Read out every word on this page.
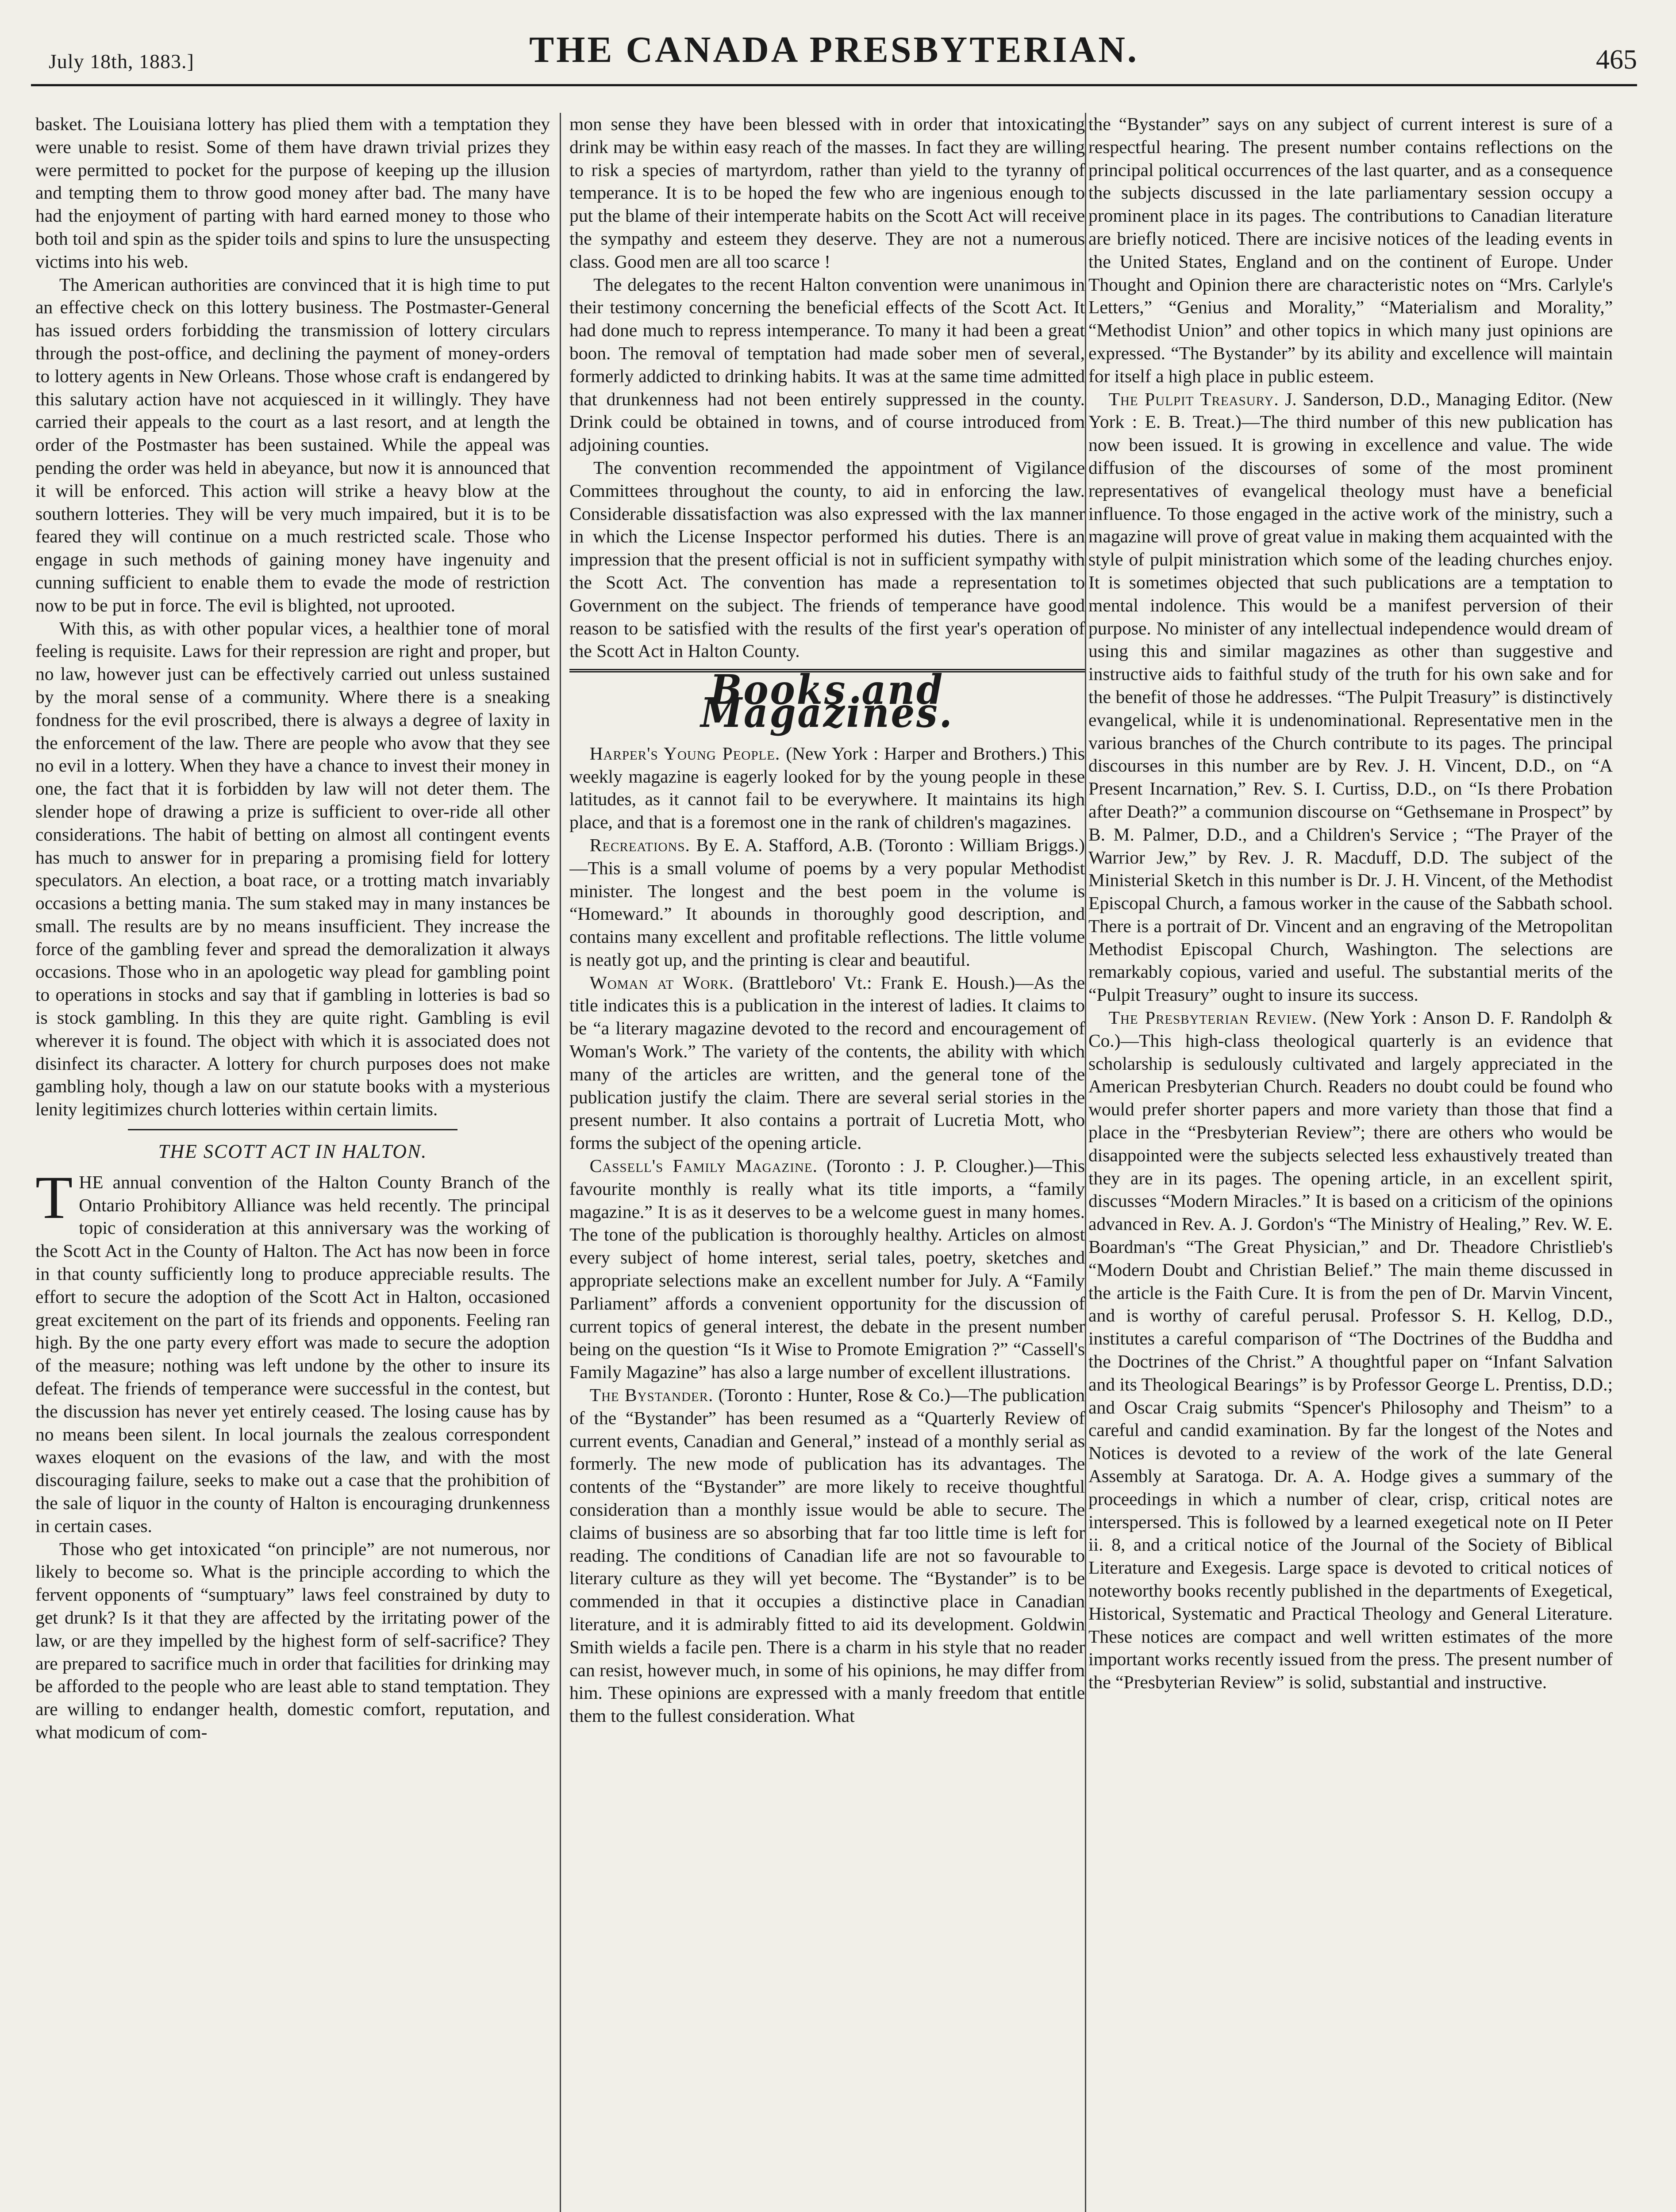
July 18th, 1883.]	THE CANADA PRESBYTERIAN.	465

basket. The Louisiana lottery has plied them with a temptation they were unable to resist. Some of them have drawn trivial prizes they were permitted to pocket for the purpose of keeping up the illusion and tempting them to throw good money after bad. The many have had the enjoyment of parting with hard earned money to those who both toil and spin as the spider toils and spins to lure the unsuspecting victims into his web.

The American authorities are convinced that it is high time to put an effective check on this lottery business. The Postmaster-General has issued orders forbidding the transmission of lottery circulars through the post-office, and declining the payment of money-orders to lottery agents in New Orleans. Those whose craft is endangered by this salutary action have not acquiesced in it willingly. They have carried their appeals to the court as a last resort, and at length the order of the Postmaster has been sustained. While the appeal was pending the order was held in abeyance, but now it is announced that it will be enforced. This action will strike a heavy blow at the southern lotteries. They will be very much impaired, but it is to be feared they will continue on a much restricted scale. Those who engage in such methods of gaining money have ingenuity and cunning sufficient to enable them to evade the mode of restriction now to be put in force. The evil is blighted, not uprooted.

With this, as with other popular vices, a healthier tone of moral feeling is requisite. Laws for their repression are right and proper, but no law, however just can be effectively carried out unless sustained by the moral sense of a community. Where there is a sneaking fondness for the evil proscribed, there is always a degree of laxity in the enforcement of the law. There are people who avow that they see no evil in a lottery. When they have a chance to invest their money in one, the fact that it is forbidden by law will not deter them. The slender hope of drawing a prize is sufficient to over-ride all other considerations. The habit of betting on almost all contingent events has much to answer for in preparing a promising field for lottery speculators. An election, a boat race, or a trotting match invariably occasions a betting mania. The sum staked may in many instances be small. The results are by no means insufficient. They increase the force of the gambling fever and spread the demoralization it always occasions. Those who in an apologetic way plead for gambling point to operations in stocks and say that if gambling in lotteries is bad so is stock gambling. In this they are quite right. Gambling is evil wherever it is found. The object with which it is associated does not disinfect its character. A lottery for church purposes does not make gambling holy, though a law on our statute books with a mysterious lenity legitimizes church lotteries within certain limits.

THE SCOTT ACT IN HALTON.

THE annual convention of the Halton County Branch of the Ontario Prohibitory Alliance was held recently. The principal topic of consideration at this anniversary was the working of the Scott Act in the County of Halton. The Act has now been in force in that county sufficiently long to produce appreciable results. The effort to secure the adoption of the Scott Act in Halton, occasioned great excitement on the part of its friends and opponents. Feeling ran high. By the one party every effort was made to secure the adoption of the measure; nothing was left undone by the other to insure its defeat. The friends of temperance were successful in the contest, but the discussion has never yet entirely ceased. The losing cause has by no means been silent. In local journals the zealous correspondent waxes eloquent on the evasions of the law, and with the most discouraging failure, seeks to make out a case that the prohibition of the sale of liquor in the county of Halton is encouraging drunkenness in certain cases.

Those who get intoxicated “on principle” are not numerous, nor likely to become so. What is the principle according to which the fervent opponents of “sumptuary” laws feel constrained by duty to get drunk? Is it that they are affected by the irritating power of the law, or are they impelled by the highest form of self-sacrifice? They are prepared to sacrifice much in order that facilities for drinking may be afforded to the people who are least able to stand temptation. They are willing to endanger health, domestic comfort, reputation, and what modicum of com-

mon sense they have been blessed with in order that intoxicating drink may be within easy reach of the masses. In fact they are willing to risk a species of martyrdom, rather than yield to the tyranny of temperance. It is to be hoped the few who are ingenious enough to put the blame of their intemperate habits on the Scott Act will receive the sympathy and esteem they deserve. They are not a numerous class. Good men are all too scarce !

The delegates to the recent Halton convention were unanimous in their testimony concerning the beneficial effects of the Scott Act. It had done much to repress intemperance. To many it had been a great boon. The removal of temptation had made sober men of several, formerly addicted to drinking habits. It was at the same time admitted that drunkenness had not been entirely suppressed in the county. Drink could be obtained in towns, and of course introduced from adjoining counties.

The convention recommended the appointment of Vigilance Committees throughout the county, to aid in enforcing the law. Considerable dissatisfaction was also expressed with the lax manner in which the License Inspector performed his duties. There is an impression that the present official is not in sufficient sympathy with the Scott Act. The convention has made a representation to Government on the subject. The friends of temperance have good reason to be satisfied with the results of the first year's operation of the Scott Act in Halton County.

Books and Magazines.

Harper's Young People. (New York : Harper and Brothers.) This weekly magazine is eagerly looked for by the young people in these latitudes, as it cannot fail to be everywhere. It maintains its high place, and that is a foremost one in the rank of children's magazines.

Recreations. By E. A. Stafford, A.B. (Toronto : William Briggs.)—This is a small volume of poems by a very popular Methodist minister. The longest and the best poem in the volume is “Homeward.” It abounds in thoroughly good description, and contains many excellent and profitable reflections. The little volume is neatly got up, and the printing is clear and beautiful.

Woman at Work. (Brattleboro' Vt.: Frank E. Housh.)—As the title indicates this is a publication in the interest of ladies. It claims to be “a literary magazine devoted to the record and encouragement of Woman's Work.” The variety of the contents, the ability with which many of the articles are written, and the general tone of the publication justify the claim. There are several serial stories in the present number. It also contains a portrait of Lucretia Mott, who forms the subject of the opening article.

Cassell's Family Magazine. (Toronto : J. P. Clougher.)—This favourite monthly is really what its title imports, a “family magazine.” It is as it deserves to be a welcome guest in many homes. The tone of the publication is thoroughly healthy. Articles on almost every subject of home interest, serial tales, poetry, sketches and appropriate selections make an excellent number for July. A “Family Parliament” affords a convenient opportunity for the discussion of current topics of general interest, the debate in the present number being on the question “Is it Wise to Promote Emigration ?” “Cassell's Family Magazine” has also a large number of excellent illustrations.

The Bystander. (Toronto : Hunter, Rose & Co.)—The publication of the “Bystander” has been resumed as a “Quarterly Review of current events, Canadian and General,” instead of a monthly serial as formerly. The new mode of publication has its advantages. The contents of the “Bystander” are more likely to receive thoughtful consideration than a monthly issue would be able to secure. The claims of business are so absorbing that far too little time is left for reading. The conditions of Canadian life are not so favourable to literary culture as they will yet become. The “Bystander” is to be commended in that it occupies a distinctive place in Canadian literature, and it is admirably fitted to aid its development. Goldwin Smith wields a facile pen. There is a charm in his style that no reader can resist, however much, in some of his opinions, he may differ from him. These opinions are expressed with a manly freedom that entitle them to the fullest consideration. What

the “Bystander” says on any subject of current interest is sure of a respectful hearing. The present number contains reflections on the principal political occurrences of the last quarter, and as a consequence the subjects discussed in the late parliamentary session occupy a prominent place in its pages. The contributions to Canadian literature are briefly noticed. There are incisive notices of the leading events in the United States, England and on the continent of Europe. Under Thought and Opinion there are characteristic notes on “Mrs. Carlyle's Letters,” “Genius and Morality,” “Materialism and Morality,” “Methodist Union” and other topics in which many just opinions are expressed. “The Bystander” by its ability and excellence will maintain for itself a high place in public esteem.

The Pulpit Treasury. J. Sanderson, D.D., Managing Editor. (New York : E. B. Treat.)—The third number of this new publication has now been issued. It is growing in excellence and value. The wide diffusion of the discourses of some of the most prominent representatives of evangelical theology must have a beneficial influence. To those engaged in the active work of the ministry, such a magazine will prove of great value in making them acquainted with the style of pulpit ministration which some of the leading churches enjoy. It is sometimes objected that such publications are a temptation to mental indolence. This would be a manifest perversion of their purpose. No minister of any intellectual independence would dream of using this and similar magazines as other than suggestive and instructive aids to faithful study of the truth for his own sake and for the benefit of those he addresses. “The Pulpit Treasury” is distinctively evangelical, while it is undenominational. Representative men in the various branches of the Church contribute to its pages. The principal discourses in this number are by Rev. J. H. Vincent, D.D., on “A Present Incarnation,” Rev. S. I. Curtiss, D.D., on “Is there Probation after Death?” a communion discourse on “Gethsemane in Prospect” by B. M. Palmer, D.D., and a Children's Service ; “The Prayer of the Warrior Jew,” by Rev. J. R. Macduff, D.D. The subject of the Ministerial Sketch in this number is Dr. J. H. Vincent, of the Methodist Episcopal Church, a famous worker in the cause of the Sabbath school. There is a portrait of Dr. Vincent and an engraving of the Metropolitan Methodist Episcopal Church, Washington. The selections are remarkably copious, varied and useful. The substantial merits of the “Pulpit Treasury” ought to insure its success.

The Presbyterian Review. (New York : Anson D. F. Randolph & Co.)—This high-class theological quarterly is an evidence that scholarship is sedulously cultivated and largely appreciated in the American Presbyterian Church. Readers no doubt could be found who would prefer shorter papers and more variety than those that find a place in the “Presbyterian Review”; there are others who would be disappointed were the subjects selected less exhaustively treated than they are in its pages. The opening article, in an excellent spirit, discusses “Modern Miracles.” It is based on a criticism of the opinions advanced in Rev. A. J. Gordon's “The Ministry of Healing,” Rev. W. E. Boardman's “The Great Physician,” and Dr. Theadore Christlieb's “Modern Doubt and Christian Belief.” The main theme discussed in the article is the Faith Cure. It is from the pen of Dr. Marvin Vincent, and is worthy of careful perusal. Professor S. H. Kellog, D.D., institutes a careful comparison of “The Doctrines of the Buddha and the Doctrines of the Christ.” A thoughtful paper on “Infant Salvation and its Theological Bearings” is by Professor George L. Prentiss, D.D.; and Oscar Craig submits “Spencer's Philosophy and Theism” to a careful and candid examination. By far the longest of the Notes and Notices is devoted to a review of the work of the late General Assembly at Saratoga. Dr. A. A. Hodge gives a summary of the proceedings in which a number of clear, crisp, critical notes are interspersed. This is followed by a learned exegetical note on II Peter ii. 8, and a critical notice of the Journal of the Society of Biblical Literature and Exegesis. Large space is devoted to critical notices of noteworthy books recently published in the departments of Exegetical, Historical, Systematic and Practical Theology and General Literature. These notices are compact and well written estimates of the more important works recently issued from the press. The present number of the “Presbyterian Review” is solid, substantial and instructive.
